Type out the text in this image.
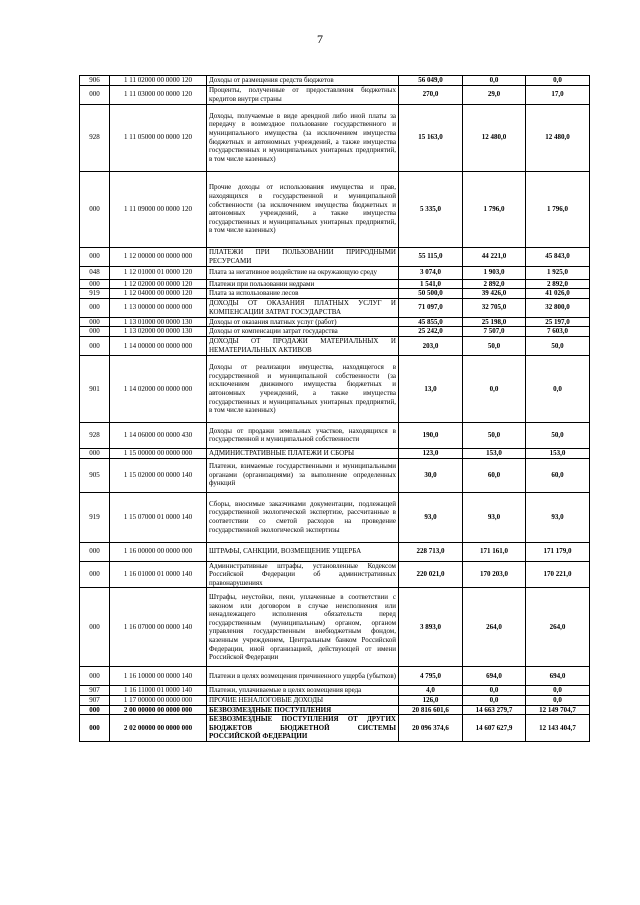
7
906	1 11 02000 00 0000 120	Доходы от размещения средств бюджетов	56 049,0	0,0	0,0
000	1 11 03000 00 0000 120	Проценты, полученные от предоставления бюджетных кредитов внутри страны	270,0	29,0	17,0
928	1 11 05000 00 0000 120	Доходы, получаемые в виде арендной либо иной платы за передачу в возмездное пользование государственного и муниципального имущества (за исключением имущества бюджетных и автономных учреждений, а также имущества государственных и муниципальных унитарных предприятий, в том числе казенных)	15 163,0	12 480,0	12 480,0
000	1 11 09000 00 0000 120	Прочие доходы от использования имущества и прав, находящихся в государственной и муниципальной собственности (за исключением имущества бюджетных и автономных учреждений, а также имущества государственных и муниципальных унитарных предприятий, в том числе казенных)	5 335,0	1 796,0	1 796,0
000	1 12 00000 00 0000 000	ПЛАТЕЖИ ПРИ ПОЛЬЗОВАНИИ ПРИРОДНЫМИ РЕСУРСАМИ	55 115,0	44 221,0	45 843,0
048	1 12 01000 01 0000 120	Плата за негативное воздействие на окружающую среду	3 074,0	1 903,0	1 925,0
000	1 12 02000 00 0000 120	Платежи при пользовании недрами	1 541,0	2 892,0	2 892,0
919	1 12 04000 00 0000 120	Плата за использование лесов	50 500,0	39 426,0	41 026,0
000	1 13 00000 00 0000 000	ДОХОДЫ ОТ ОКАЗАНИЯ ПЛАТНЫХ УСЛУГ И КОМПЕНСАЦИИ ЗАТРАТ ГОСУДАРСТВА	71 097,0	32 705,0	32 800,0
000	1 13 01000 00 0000 130	Доходы от оказания платных услуг (работ)	45 855,0	25 198,0	25 197,0
000	1 13 02000 00 0000 130	Доходы от компенсации затрат государства	25 242,0	7 507,0	7 603,0
000	1 14 00000 00 0000 000	ДОХОДЫ ОТ ПРОДАЖИ МАТЕРИАЛЬНЫХ И НЕМАТЕРИАЛЬНЫХ АКТИВОВ	203,0	50,0	50,0
901	1 14 02000 00 0000 000	Доходы от реализации имущества, находящегося в государственной и муниципальной собственности (за исключением движимого имущества бюджетных и автономных учреждений, а также имущества государственных и муниципальных унитарных предприятий, в том числе казенных)	13,0	0,0	0,0
928	1 14 06000 00 0000 430	Доходы от продажи земельных участков, находящихся в государственной и муниципальной собственности	190,0	50,0	50,0
000	1 15 00000 00 0000 000	АДМИНИСТРАТИВНЫЕ ПЛАТЕЖИ И СБОРЫ	123,0	153,0	153,0
905	1 15 02000 00 0000 140	Платежи, взимаемые государственными и муниципальными органами (организациями) за выполнение определенных функций	30,0	60,0	60,0
919	1 15 07000 01 0000 140	Сборы, вносимые заказчиками документации, подлежащей государственной экологической экспертизе, рассчитанные в соответствии со сметой расходов на проведение государственной экологической экспертизы	93,0	93,0	93,0
000	1 16 00000 00 0000 000	ШТРАФЫ, САНКЦИИ, ВОЗМЕЩЕНИЕ УЩЕРБА	228 713,0	171 161,0	171 179,0
000	1 16 01000 01 0000 140	Административные штрафы, установленные Кодексом Российской Федерации об административных правонарушениях	220 021,0	170 203,0	170 221,0
000	1 16 07000 00 0000 140	Штрафы, неустойки, пени, уплаченные в соответствии с законом или договором в случае неисполнения или ненадлежащего исполнения обязательств перед государственным (муниципальным) органом, органом управления государственным внебюджетным фондом, казенным учреждением, Центральным банком Российской Федерации, иной организацией, действующей от имени Российской Федерации	3 893,0	264,0	264,0
000	1 16 10000 00 0000 140	Платежи в целях возмещения причиненного ущерба (убытков)	4 795,0	694,0	694,0
907	1 16 11000 01 0000 140	Платежи, уплачиваемые в целях возмещения вреда	4,0	0,0	0,0
907	1 17 00000 00 0000 000	ПРОЧИЕ НЕНАЛОГОВЫЕ ДОХОДЫ	126,0	0,0	0,0
000	2 00 00000 00 0000 000	БЕЗВОЗМЕЗДНЫЕ ПОСТУПЛЕНИЯ	20 816 601,6	14 663 279,7	12 149 704,7
000	2 02 00000 00 0000 000	БЕЗВОЗМЕЗДНЫЕ ПОСТУПЛЕНИЯ ОТ ДРУГИХ БЮДЖЕТОВ БЮДЖЕТНОЙ СИСТЕМЫ РОССИЙСКОЙ ФЕДЕРАЦИИ	20 096 374,6	14 607 627,9	12 143 404,7
